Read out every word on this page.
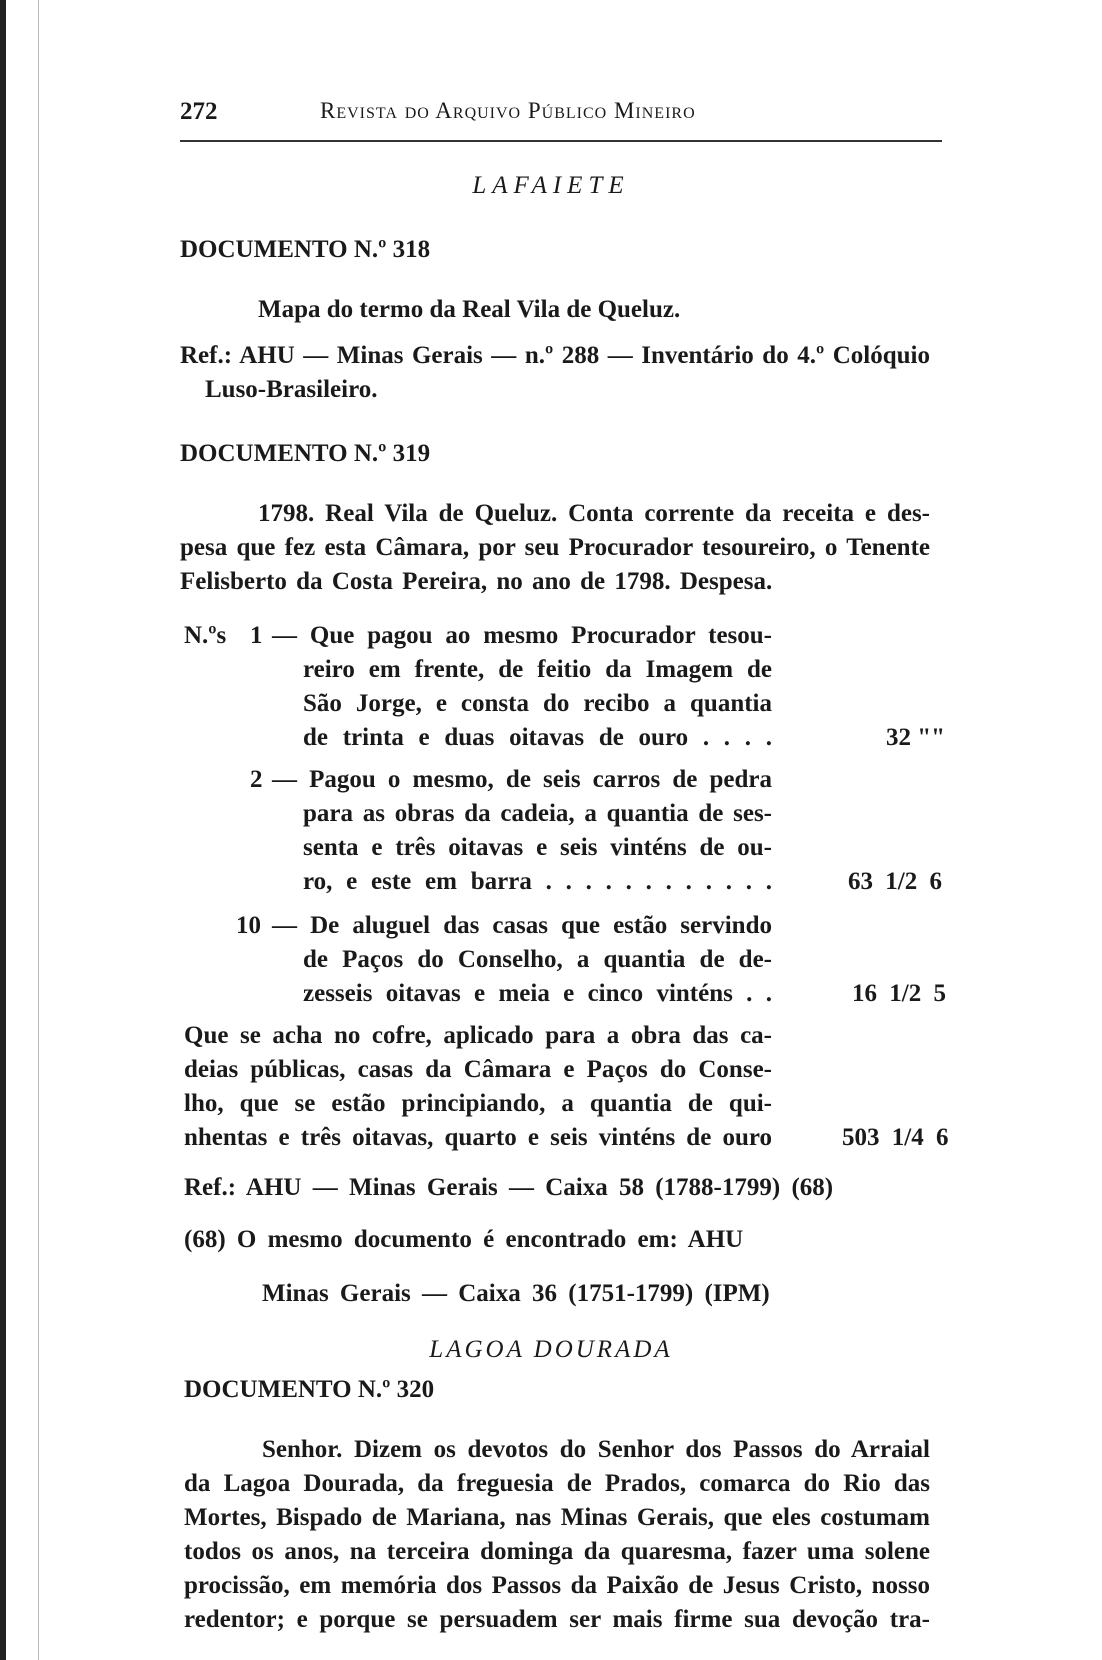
272	Revista do Arquivo Público Mineiro
LAFAIETE
DOCUMENTO N.º 318
Mapa do termo da Real Vila de Queluz.
Ref.: AHU — Minas Gerais — n.º 288 — Inventário do 4.º Colóquio
Luso-Brasileiro.
DOCUMENTO N.º 319
1798. Real Vila de Queluz. Conta corrente da receita e des-
pesa que fez esta Câmara, por seu Procurador tesoureiro, o Tenente
Felisberto da Costa Pereira, no ano de 1798. Despesa.
N.ºs 1 — Que pagou ao mesmo Procurador tesou-
reiro em frente, de feitio da Imagem de
São Jorge, e consta do recibo a quantia
de trinta e duas oitavas de ouro . . . .	32 ""
2 — Pagou o mesmo, de seis carros de pedra
para as obras da cadeia, a quantia de ses-
senta e três oitavas e seis vinténs de ou-
ro, e este em barra . . . . . . . . . . . .	63 1/2 6
10 — De aluguel das casas que estão servindo
de Paços do Conselho, a quantia de de-
zesseis oitavas e meia e cinco vinténs . .	16 1/2 5
Que se acha no cofre, aplicado para a obra das ca-
deias públicas, casas da Câmara e Paços do Conse-
lho, que se estão principiando, a quantia de qui-
nhentas e três oitavas, quarto e seis vinténs de ouro	503 1/4 6
Ref.: AHU — Minas Gerais — Caixa 58 (1788-1799) (68)
(68) O mesmo documento é encontrado em: AHU
Minas Gerais — Caixa 36 (1751-1799) (IPM)
LAGOA DOURADA
DOCUMENTO N.º 320
Senhor. Dizem os devotos do Senhor dos Passos do Arraial
da Lagoa Dourada, da freguesia de Prados, comarca do Rio das
Mortes, Bispado de Mariana, nas Minas Gerais, que eles costumam
todos os anos, na terceira dominga da quaresma, fazer uma solene
procissão, em memória dos Passos da Paixão de Jesus Cristo, nosso
redentor; e porque se persuadem ser mais firme sua devoção tra-
